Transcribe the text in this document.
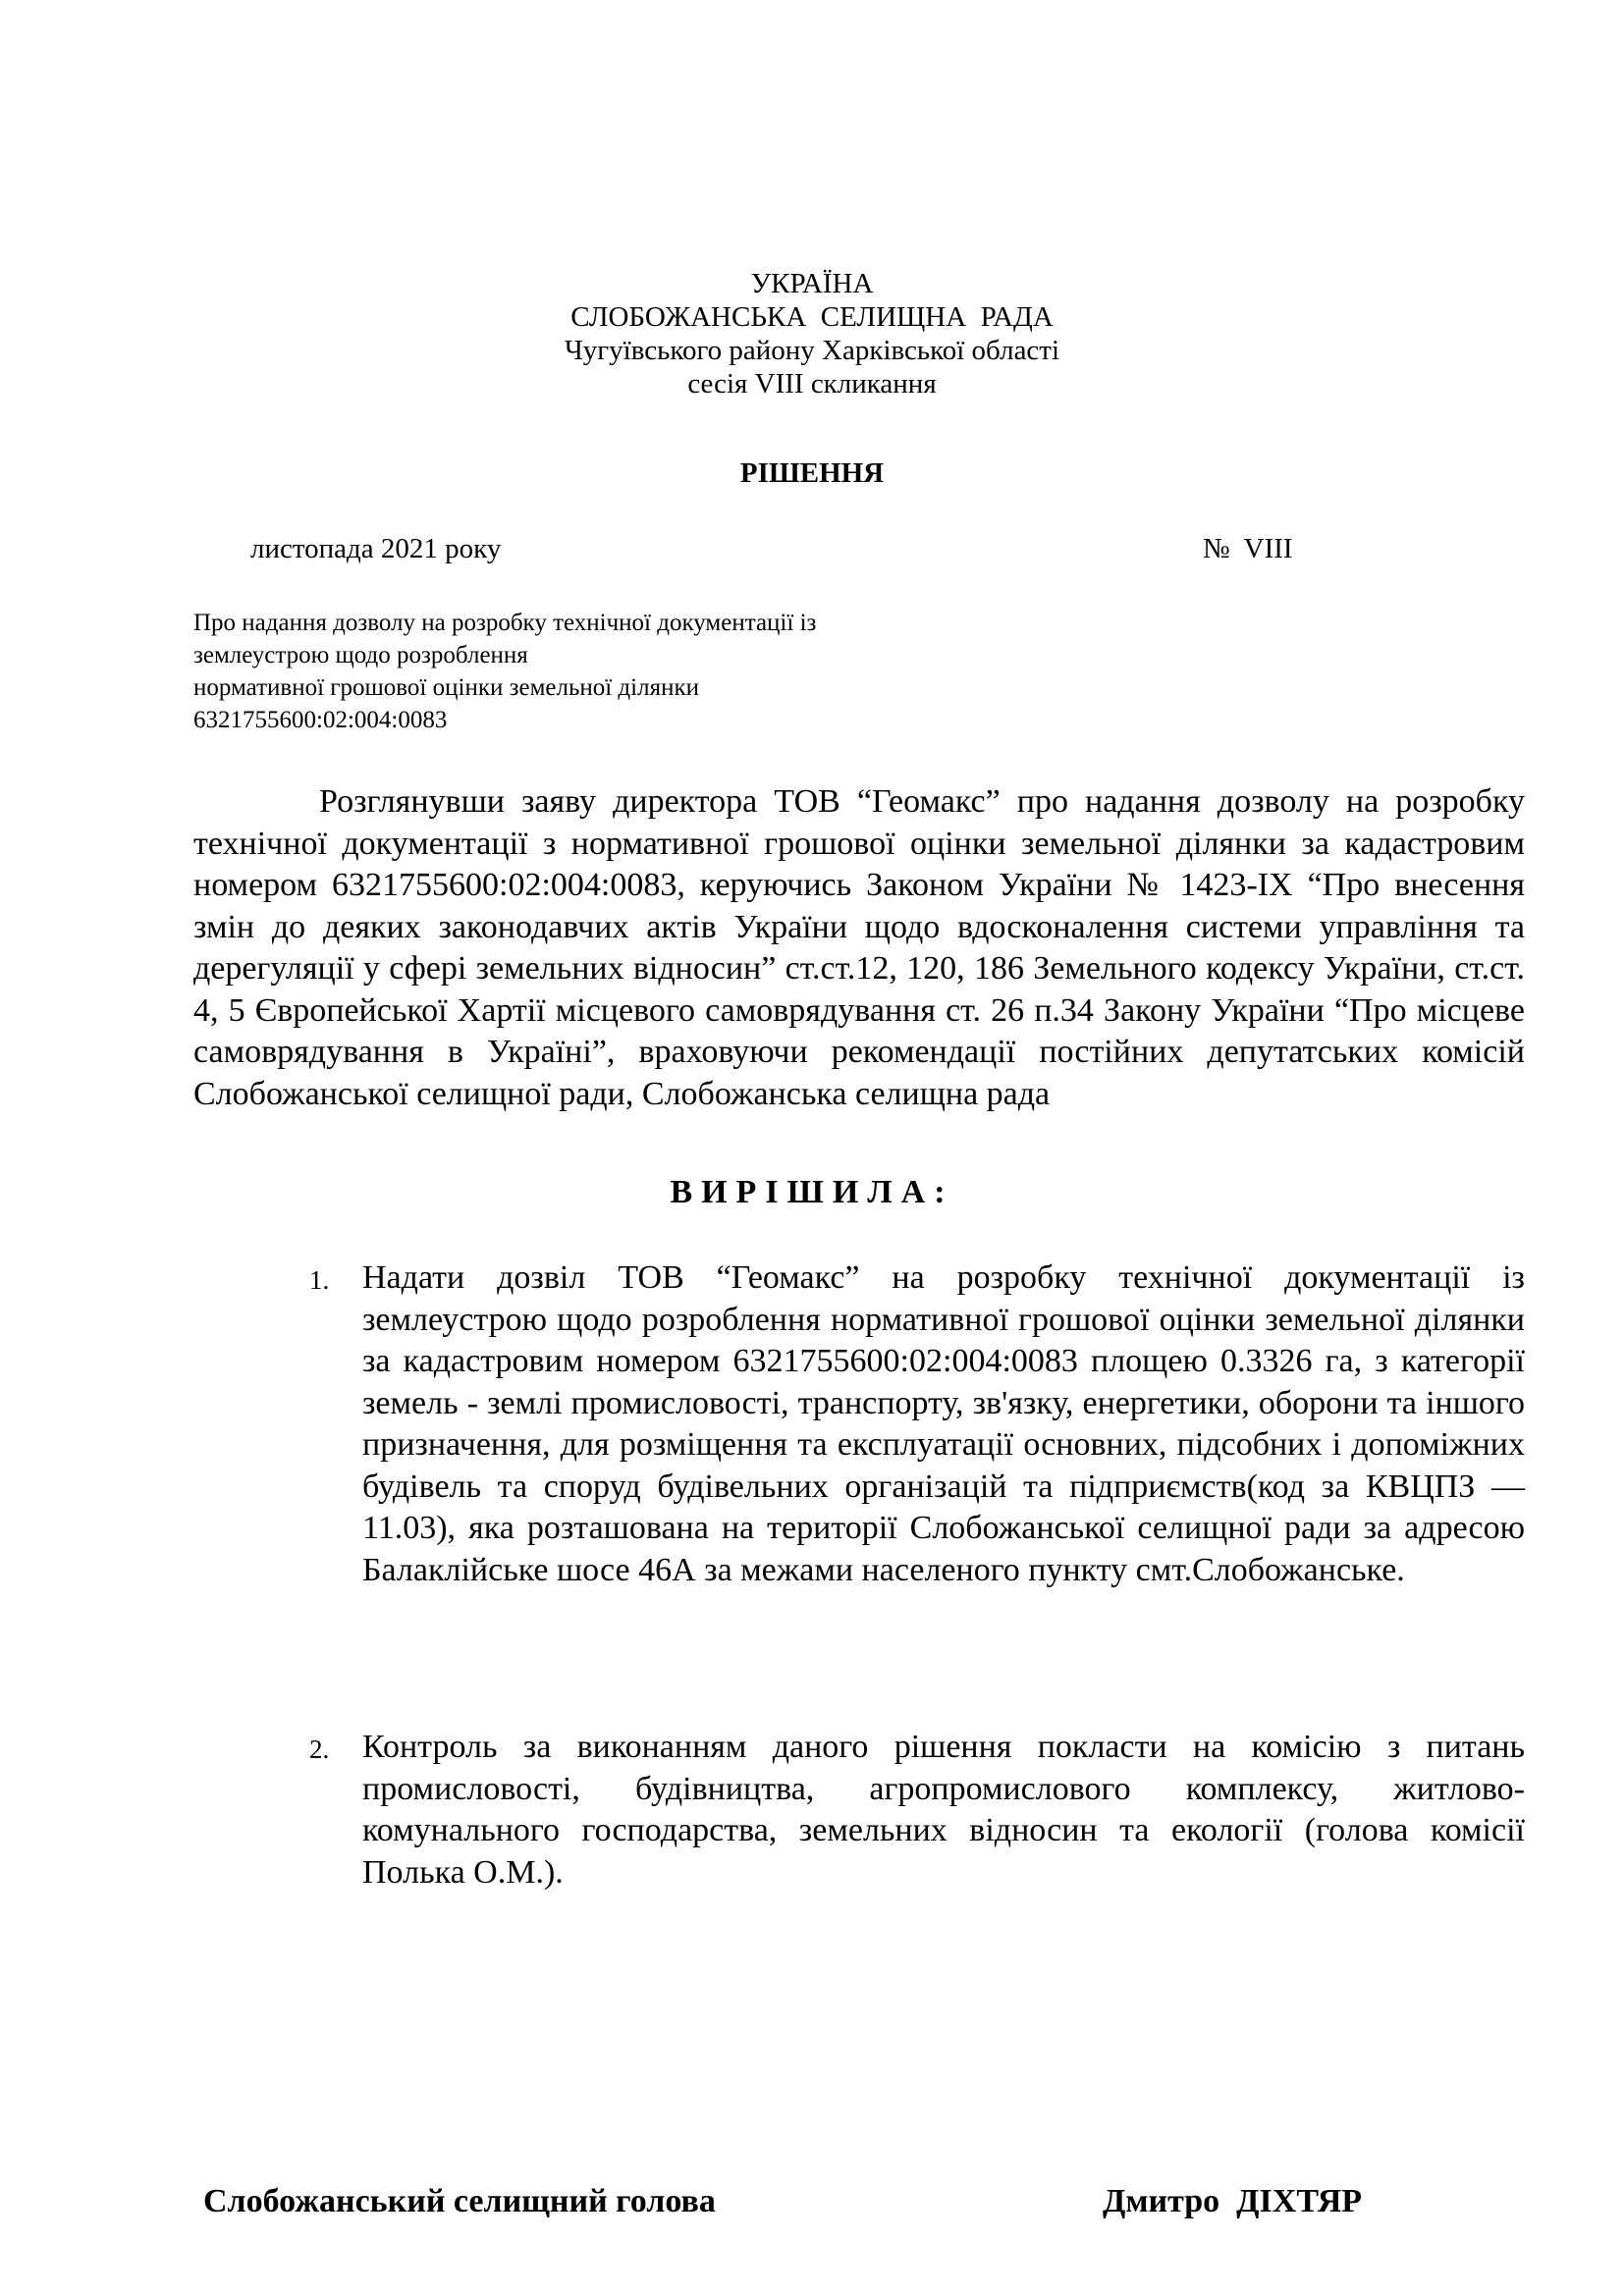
УКРАЇНА
СЛОБОЖАНСЬКА  СЕЛИЩНА  РАДА
Чугуївського району Харківської області
сесія VIII скликання
РІШЕННЯ
листопада 2021 року	№  VIII
Про надання дозволу на розробку технічної документації із
землеустрою щодо розроблення
нормативної грошової оцінки земельної ділянки
6321755600:02:004:0083
Розглянувши заяву директора ТОВ “Геомакс” про надання дозволу на розробку технічної документації з нормативної грошової оцінки земельної ділянки за кадастровим номером 6321755600:02:004:0083, керуючись Законом України № 1423-IX “Про внесення змін до деяких законодавчих актів України щодо вдосконалення системи управління та дерегуляції у сфері земельних відносин” ст.ст.12, 120, 186 Земельного кодексу України, ст.ст. 4, 5 Європейської Хартії місцевого самоврядування ст. 26 п.34 Закону України “Про місцеве самоврядування в Україні”, враховуючи рекомендації постійних депутатських комісій Слобожанської селищної ради, Слобожанська селищна рада
ВИРІШИЛА:
1. Надати дозвіл ТОВ “Геомакс” на розробку технічної документації із землеустрою щодо розроблення нормативної грошової оцінки земельної ділянки за кадастровим номером 6321755600:02:004:0083 площею 0.3326 га, з категорії земель - землі промисловості, транспорту, зв'язку, енергетики, оборони та іншого призначення, для розміщення та експлуатації основних, підсобних і допоміжних будівель та споруд будівельних організацій та підприємств(код за КВЦПЗ — 11.03), яка розташована на території Слобожанської селищної ради за адресою Балаклійське шосе 46А за межами населеного пункту смт.Слобожанське.
2. Контроль за виконанням даного рішення покласти на комісію з питань промисловості, будівництва, агропромислового комплексу, житлово-комунального господарства, земельних відносин та екології (голова комісії Полька О.М.).
Слобожанський селищний голова	Дмитро  ДІХТЯР
